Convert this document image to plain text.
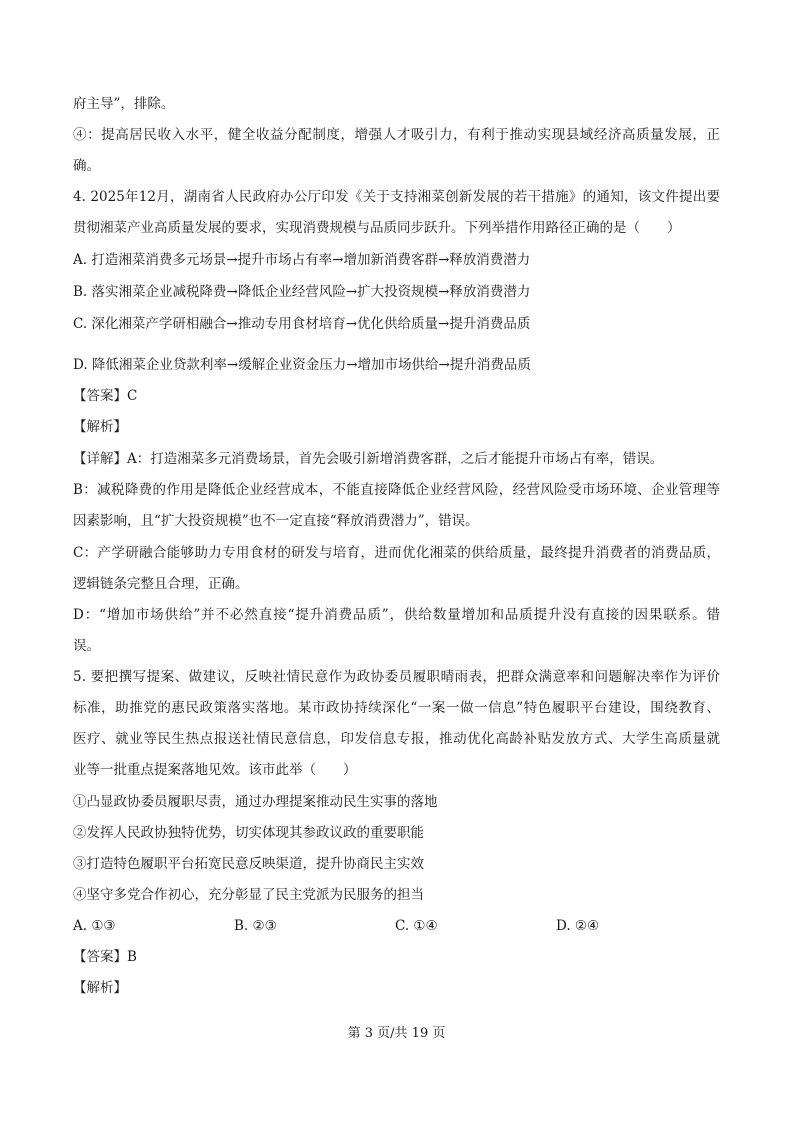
府主导”，排除。
④：提高居民收入水平，健全收益分配制度，增强人才吸引力，有利于推动实现县域经济高质量发展，正
确。
4. 2025年12月，湖南省人民政府办公厅印发《关于支持湘菜创新发展的若干措施》的通知，该文件提出要
贯彻湘菜产业高质量发展的要求，实现消费规模与品质同步跃升。下列举措作用路径正确的是（　　）
A. 打造湘菜消费多元场景→提升市场占有率→增加新消费客群→释放消费潜力
B. 落实湘菜企业减税降费→降低企业经营风险→扩大投资规模→释放消费潜力
C. 深化湘菜产学研相融合→推动专用食材培育→优化供给质量→提升消费品质
D. 降低湘菜企业贷款利率→缓解企业资金压力→增加市场供给→提升消费品质
【答案】C
【解析】
【详解】A：打造湘菜多元消费场景，首先会吸引新增消费客群，之后才能提升市场占有率，错误。
B：减税降费的作用是降低企业经营成本，不能直接降低企业经营风险，经营风险受市场环境、企业管理等
因素影响，且“扩大投资规模”也不一定直接“释放消费潜力”，错误。
C：产学研融合能够助力专用食材的研发与培育，进而优化湘菜的供给质量，最终提升消费者的消费品质，
逻辑链条完整且合理，正确。
D：“增加市场供给”并不必然直接“提升消费品质”，供给数量增加和品质提升没有直接的因果联系。错
误。
5. 要把撰写提案、做建议，反映社情民意作为政协委员履职晴雨表，把群众满意率和问题解决率作为评价
标准，助推党的惠民政策落实落地。某市政协持续深化“一案一做一信息”特色履职平台建设，围绕教育、
医疗、就业等民生热点报送社情民意信息，印发信息专报，推动优化高龄补贴发放方式、大学生高质量就
业等一批重点提案落地见效。该市此举（　　）
①凸显政协委员履职尽责，通过办理提案推动民生实事的落地
②发挥人民政协独特优势，切实体现其参政议政的重要职能
③打造特色履职平台拓宽民意反映渠道，提升协商民主实效
④坚守多党合作初心，充分彰显了民主党派为民服务的担当
A. ①③	B. ②③	C. ①④	D. ②④
【答案】B
【解析】
第 3 页/共 19 页
